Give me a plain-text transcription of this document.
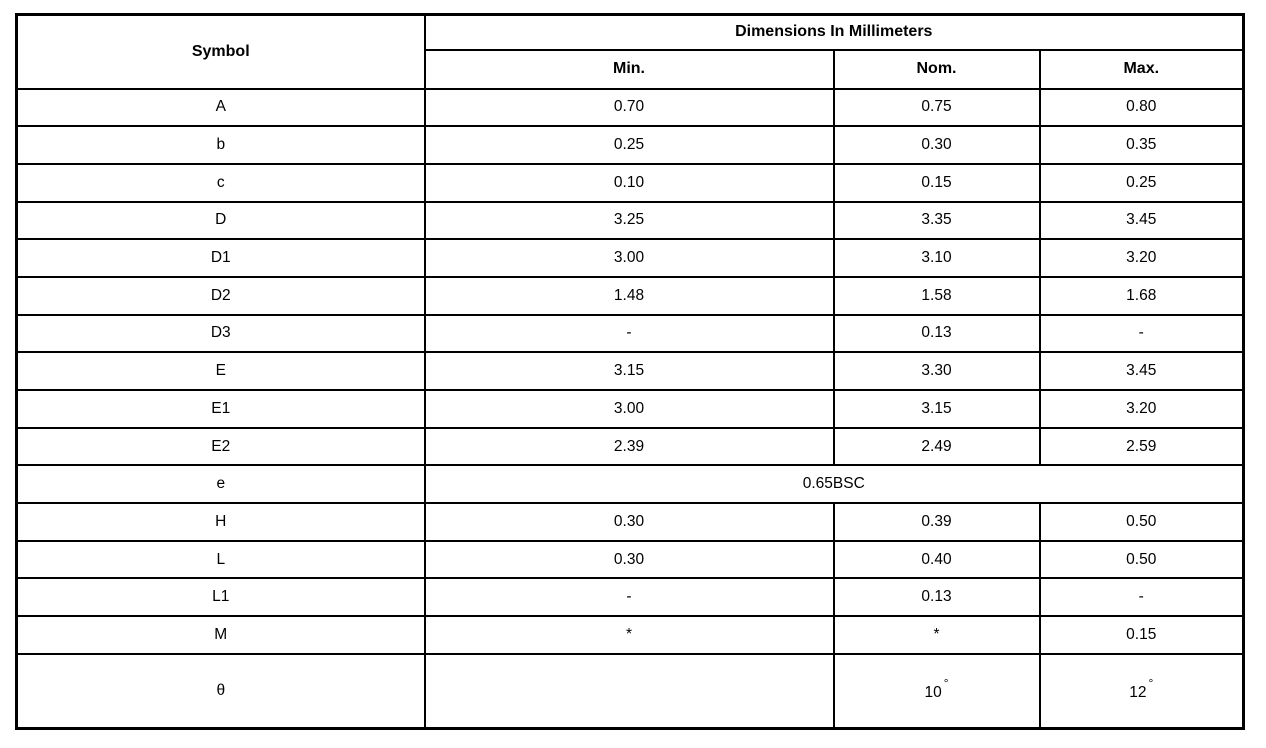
Symbol	Dimensions In Millimeters		
	Min.	Nom.	Max.
A	0.70	0.75	0.80
b	0.25	0.30	0.35
c	0.10	0.15	0.25
D	3.25	3.35	3.45
D1	3.00	3.10	3.20
D2	1.48	1.58	1.68
D3	-	0.13	-
E	3.15	3.30	3.45
E1	3.00	3.15	3.20
E2	2.39	2.49	2.59
e	0.65BSC		
H	0.30	0.39	0.50
L	0.30	0.40	0.50
L1	-	0.13	-
M	*	*	0.15
θ		10°	12°
